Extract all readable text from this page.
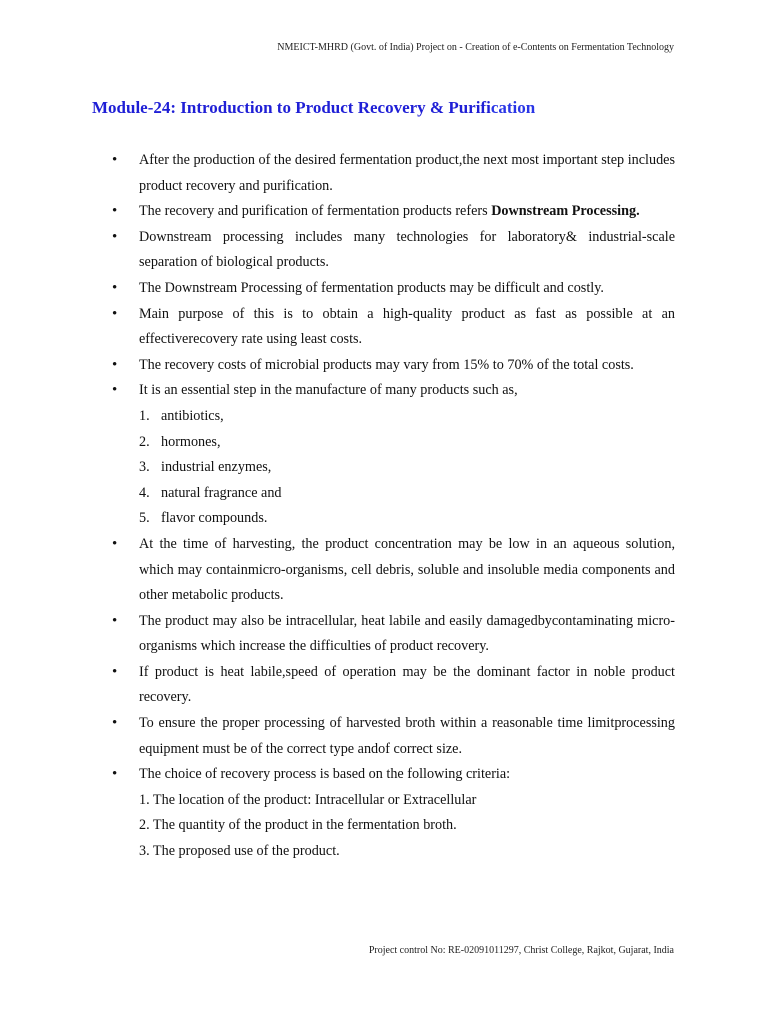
NMEICT-MHRD (Govt. of India) Project on - Creation of e-Contents on Fermentation Technology
Module-24: Introduction to Product Recovery & Purification
• After the production of the desired fermentation product,the next most important step includes product recovery and purification.
• The recovery and purification of fermentation products refers Downstream Processing.
• Downstream processing includes many technologies for laboratory& industrial-scale separation of biological products.
• The Downstream Processing of fermentation products may be difficult and costly.
• Main purpose of this is to obtain a high-quality product as fast as possible at an effectiverecovery rate using least costs.
• The recovery costs of microbial products may vary from 15% to 70% of the total costs.
• It is an essential step in the manufacture of many products such as,
1. antibiotics,
2. hormones,
3. industrial enzymes,
4. natural fragrance and
5. flavor compounds.
• At the time of harvesting, the product concentration may be low in an aqueous solution, which may containmicro-organisms, cell debris, soluble and insoluble media components and other metabolic products.
• The product may also be intracellular, heat labile and easily damagedbycontaminating micro-organisms which increase the difficulties of product recovery.
• If product is heat labile,speed of operation may be the dominant factor in noble product recovery.
• To ensure the proper processing of harvested broth within a reasonable time limitprocessing equipment must be of the correct type andof correct size.
• The choice of recovery process is based on the following criteria:
1. The location of the product: Intracellular or Extracellular
2. The quantity of the product in the fermentation broth.
3. The proposed use of the product.
Project control No: RE-02091011297, Christ College, Rajkot, Gujarat, India
